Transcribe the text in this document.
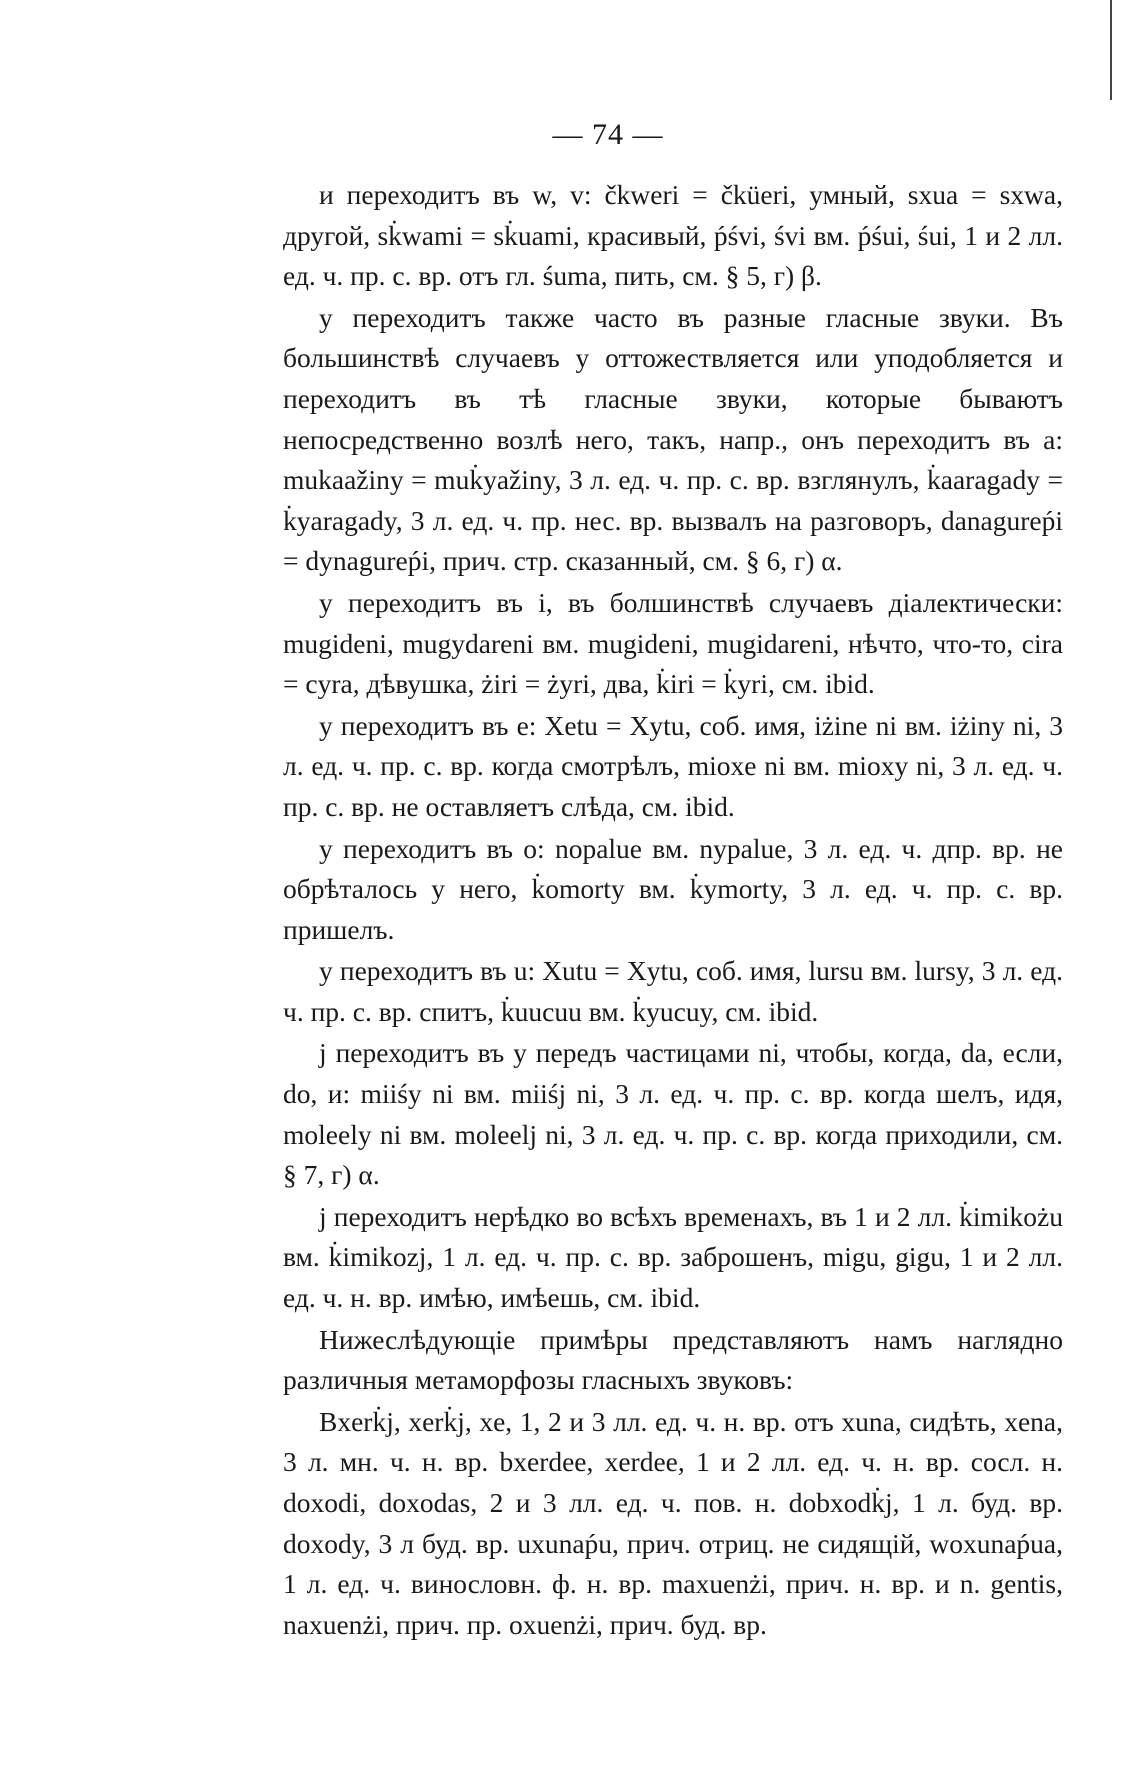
— 74 —

и переходитъ въ w, v: čkweri = čküeri, умный, sxua = sxwa, другой, sk̇wami = sk̇uami, красивый, ṕśvi, śvi вм. ṕśui, śui, 1 и 2 лл. ед. ч. пр. с. вр. отъ гл. śuma, пить, см. § 5, г) β.

y переходитъ также часто въ разные гласные звуки. Въ большинствѣ случаевъ y оттожествляется или уподобляется и переходитъ въ тѣ гласные звуки, которые бываютъ непосредственно возлѣ него, такъ, напр., онъ переходитъ въ a: mukaažiny = muk̇yažiny, 3 л. ед. ч. пр. с. вр. взглянулъ, k̇aaragady = k̇yaragady, 3 л. ед. ч. пр. нес. вр. вызвалъ на разговоръ, danagureṕi = dynagureṕi, прич. стр. сказанный, см. § 6, г) α.

y переходитъ въ i, въ болшинствѣ случаевъ діалектически: mugideni, mugydareni вм. mugideni, mugidareni, нѣчто, что-то, cira = cyra, дѣвушка, żiri = żyri, два, k̇iri = k̇yri, см. ibid.

y переходитъ въ e: Xetu = Xytu, соб. имя, iżine ni вм. iżiny ni, 3 л. ед. ч. пр. с. вр. когда смотрѣлъ, mioxe ni вм. mioxy ni, 3 л. ед. ч. пр. с. вр. не оставляетъ слѣда, см. ibid.

y переходитъ въ o: nopalue вм. nypalue, 3 л. ед. ч. дпр. вр. не обрѣталось у него, k̇omorty вм. k̇ymorty, 3 л. ед. ч. пр. с. вр. пришелъ.

y переходитъ въ u: Xutu = Xytu, соб. имя, lursu вм. lursy, 3 л. ед. ч. пр. с. вр. спитъ, k̇uucuu вм. k̇yucuy, см. ibid.

j переходитъ въ y передъ частицами ni, чтобы, когда, da, если, do, и: miiśy ni вм. miiśj ni, 3 л. ед. ч. пр. с. вр. когда шелъ, идя, moleely ni вм. moleelj ni, 3 л. ед. ч. пр. с. вр. когда приходили, см. § 7, г) α.

j переходитъ нерѣдко во всѣхъ временахъ, въ 1 и 2 лл. k̇imikożu вм. k̇imikozj, 1 л. ед. ч. пр. с. вр. заброшенъ, migu, gigu, 1 и 2 лл. ед. ч. н. вр. имѣю, имѣешь, см. ibid.

Нижеслѣдующіе примѣры представляютъ намъ наглядно различныя метаморфозы гласныхъ звуковъ:

Bxerk̇j, xerk̇j, xe, 1, 2 и 3 лл. ед. ч. н. вр. отъ xuna, сидѣть, xena, 3 л. мн. ч. н. вр. bxerdee, xerdee, 1 и 2 лл. ед. ч. н. вр. сосл. н. doxodi, doxodas, 2 и 3 лл. ед. ч. пов. н. dobxodk̇j, 1 л. буд. вр. doxody, 3 л буд. вр. uxunaṕu, прич. отриц. не сидящій, woxunaṕua, 1 л. ед. ч. винословн. ф. н. вр. maxuenżi, прич. н. вр. и n. gentis, naxuenżi, прич. пр. oxuenżi, прич. буд. вр.
